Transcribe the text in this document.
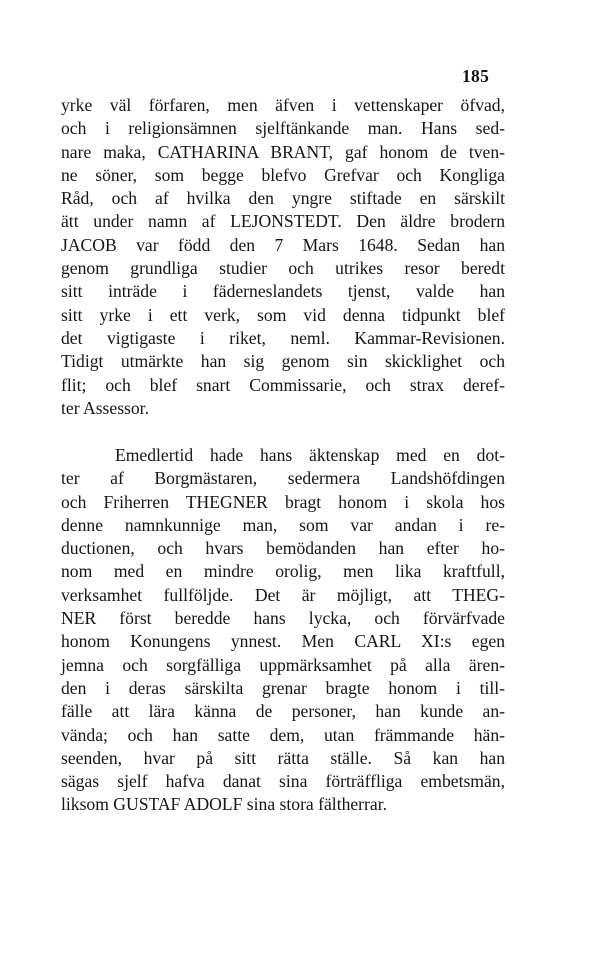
185
yrke väl förfaren, men äfven i vettenskaper öfvad,
och i religionsämnen sjelftänkande man. Hans sed-
nare maka, CATHARINA BRANT, gaf honom de tven-
ne söner, som begge blefvo Grefvar och Kongliga
Råd, och af hvilka den yngre stiftade en särskilt
ätt under namn af LEJONSTEDT. Den äldre brodern
JACOB var född den 7 Mars 1648. Sedan han
genom grundliga studier och utrikes resor beredt
sitt inträde i fäderneslandets tjenst, valde han
sitt yrke i ett verk, som vid denna tidpunkt blef
det vigtigaste i riket, neml. Kammar-Revisionen.
Tidigt utmärkte han sig genom sin skicklighet och
flit; och blef snart Commissarie, och strax deref-
ter Assessor.
Emedlertid hade hans äktenskap med en dot-
ter af Borgmästaren, sedermera Landshöfdingen
och Friherren THEGNER bragt honom i skola hos
denne namnkunnige man, som var andan i re-
ductionen, och hvars bemödanden han efter ho-
nom med en mindre orolig, men lika kraftfull,
verksamhet fullföljde. Det är möjligt, att THEG-
NER först beredde hans lycka, och förvärfvade
honom Konungens ynnest. Men CARL XI:s egen
jemna och sorgfälliga uppmärksamhet på alla ären-
den i deras särskilta grenar bragte honom i till-
fälle att lära känna de personer, han kunde an-
vända; och han satte dem, utan främmande hän-
seenden, hvar på sitt rätta ställe. Så kan han
sägas sjelf hafva danat sina förträffliga embetsmän,
liksom GUSTAF ADOLF sina stora fältherrar.
